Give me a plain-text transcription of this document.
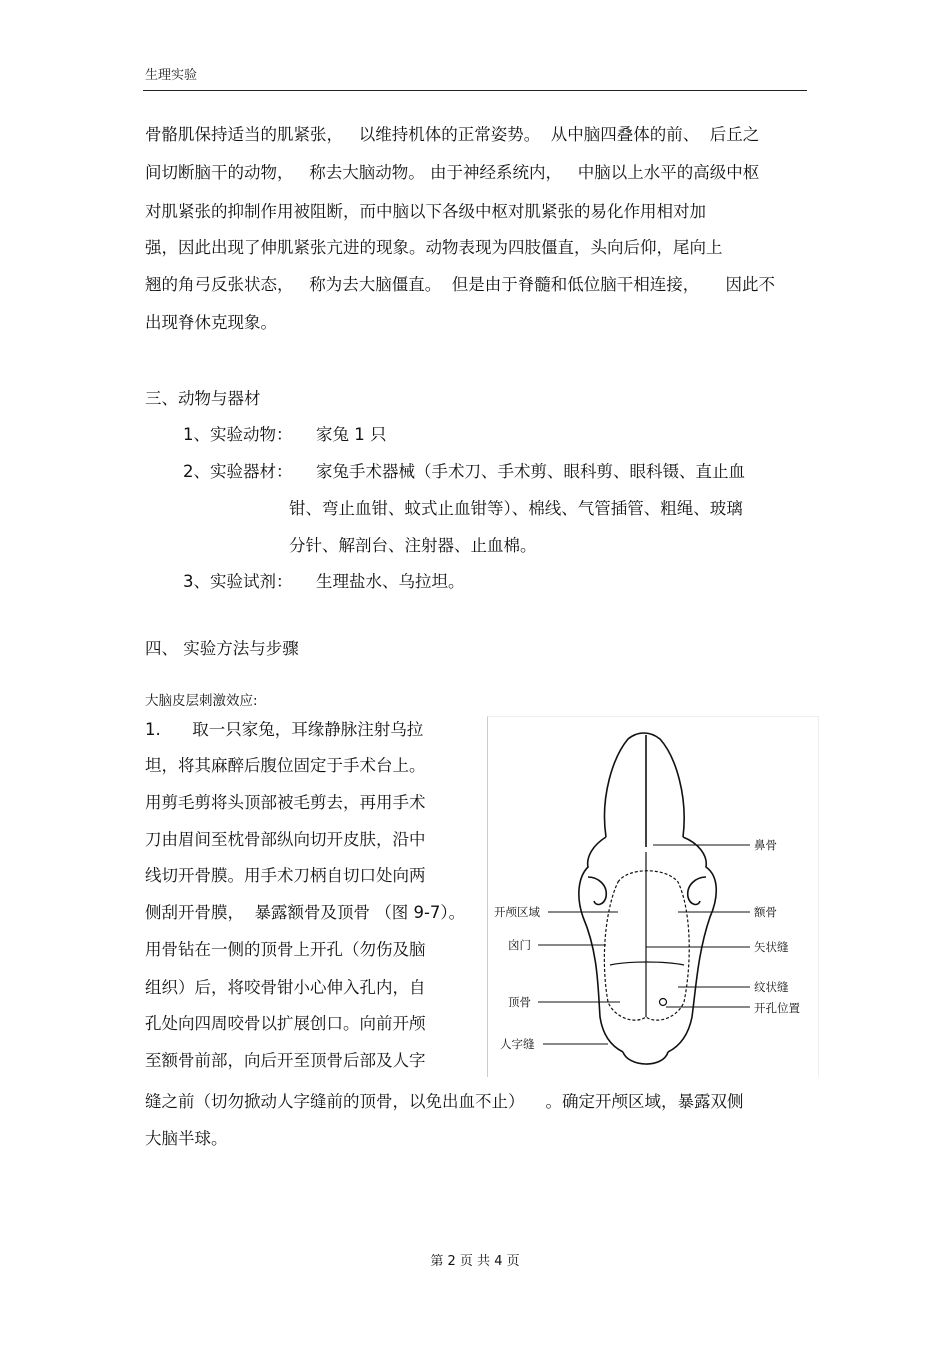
生理实验
骨骼肌保持适当的肌紧张，   以维持机体的正常姿势。  从中脑四叠体的前、  后丘之
间切断脑干的动物，   称去大脑动物。 由于神经系统内，   中脑以上水平的高级中枢
对肌紧张的抑制作用被阻断，而中脑以下各级中枢对肌紧张的易化作用相对加
强，因此出现了伸肌紧张亢进的现象。动物表现为四肢僵直，头向后仰，尾向上
翘的角弓反张状态，   称为去大脑僵直。  但是由于脊髓和低位脑干相连接，     因此不
出现脊休克现象。
三、动物与器材
1、实验动物： 家兔 1 只
2、实验器材： 家兔手术器械（手术刀、手术剪、眼科剪、眼科镊、直止血
钳、弯止血钳、蚊式止血钳等）、棉线、气管插管、粗绳、玻璃
分针、解剖台、注射器、止血棉。
3、实验试剂： 生理盐水、乌拉坦。
四、 实验方法与步骤
大脑皮层刺激效应:
1.      取一只家兔，耳缘静脉注射乌拉
坦，将其麻醉后腹位固定于手术台上。
用剪毛剪将头顶部被毛剪去，再用手术
刀由眉间至枕骨部纵向切开皮肤，沿中
线切开骨膜。用手术刀柄自切口处向两
侧刮开骨膜，  暴露额骨及顶骨 （图 9-7）。
用骨钻在一侧的顶骨上开孔（勿伤及脑
组织）后，将咬骨钳小心伸入孔内，自
孔处向四周咬骨以扩展创口。向前开颅
至额骨前部，向后开至顶骨后部及人字
缝之前（切勿掀动人字缝前的顶骨，以免出血不止）    。确定开颅区域，暴露双侧
大脑半球。
开颅区域
囟门
顶骨
人字缝
鼻骨
额骨
矢状缝
纹状缝
开孔位置
第 2 页 共 4 页
